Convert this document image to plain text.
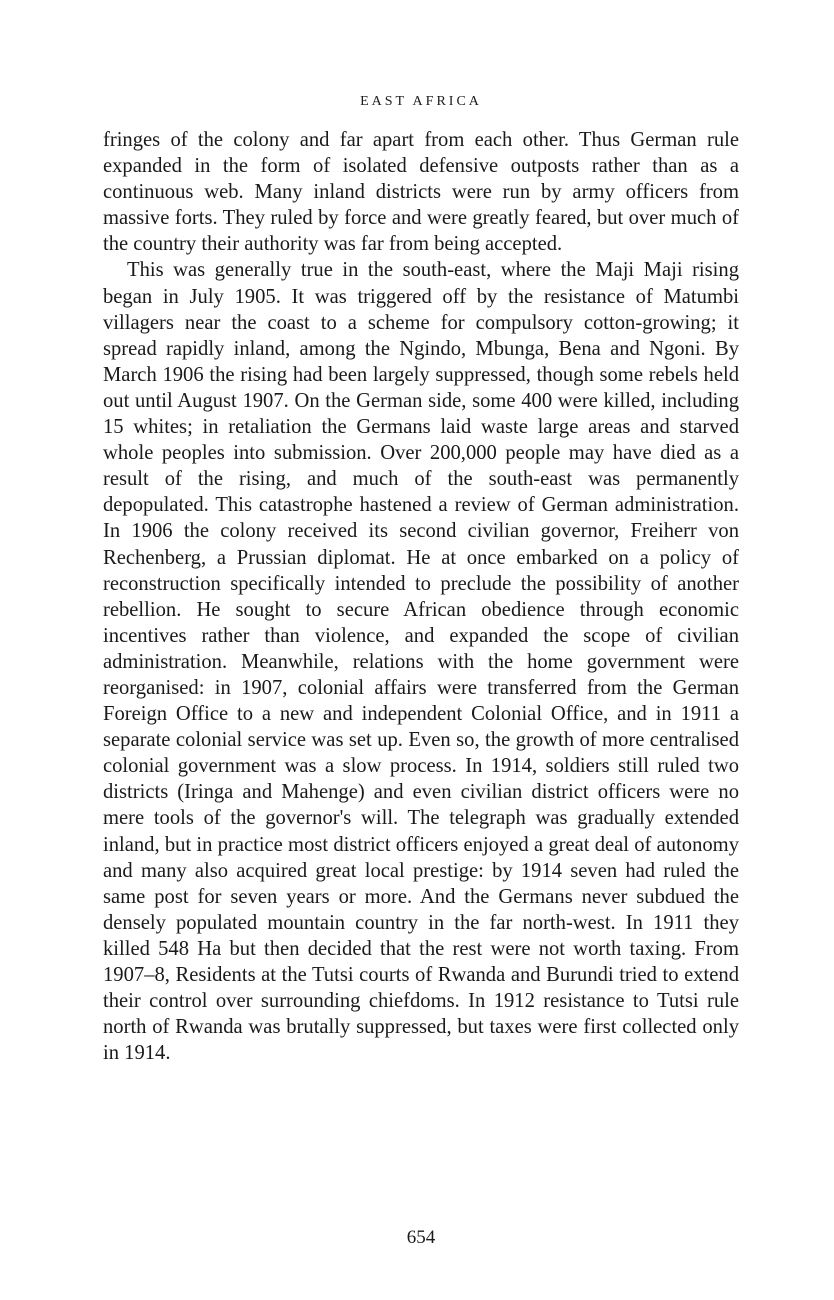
EAST AFRICA

fringes of the colony and far apart from each other. Thus German rule expanded in the form of isolated defensive outposts rather than as a continuous web. Many inland districts were run by army officers from massive forts. They ruled by force and were greatly feared, but over much of the country their authority was far from being accepted.

This was generally true in the south-east, where the Maji Maji rising began in July 1905. It was triggered off by the resistance of Matumbi villagers near the coast to a scheme for compulsory cotton-growing; it spread rapidly inland, among the Ngindo, Mbunga, Bena and Ngoni. By March 1906 the rising had been largely suppressed, though some rebels held out until August 1907. On the German side, some 400 were killed, including 15 whites; in retaliation the Germans laid waste large areas and starved whole peoples into submission. Over 200,000 people may have died as a result of the rising, and much of the south-east was permanently depopulated. This catastrophe hastened a review of German administration. In 1906 the colony received its second civilian governor, Freiherr von Rechenberg, a Prussian diplomat. He at once embarked on a policy of reconstruction specifically intended to preclude the possibility of another rebellion. He sought to secure African obedience through economic incentives rather than violence, and expanded the scope of civilian administration. Meanwhile, relations with the home government were reorganised: in 1907, colonial affairs were transferred from the German Foreign Office to a new and independent Colonial Office, and in 1911 a separate colonial service was set up. Even so, the growth of more centralised colonial government was a slow process. In 1914, soldiers still ruled two districts (Iringa and Mahenge) and even civilian district officers were no mere tools of the governor's will. The telegraph was gradually extended inland, but in practice most district officers enjoyed a great deal of autonomy and many also acquired great local prestige: by 1914 seven had ruled the same post for seven years or more. And the Germans never subdued the densely populated mountain country in the far north-west. In 1911 they killed 548 Ha but then decided that the rest were not worth taxing. From 1907–8, Residents at the Tutsi courts of Rwanda and Burundi tried to extend their control over surrounding chiefdoms. In 1912 resistance to Tutsi rule north of Rwanda was brutally suppressed, but taxes were first collected only in 1914.

654
